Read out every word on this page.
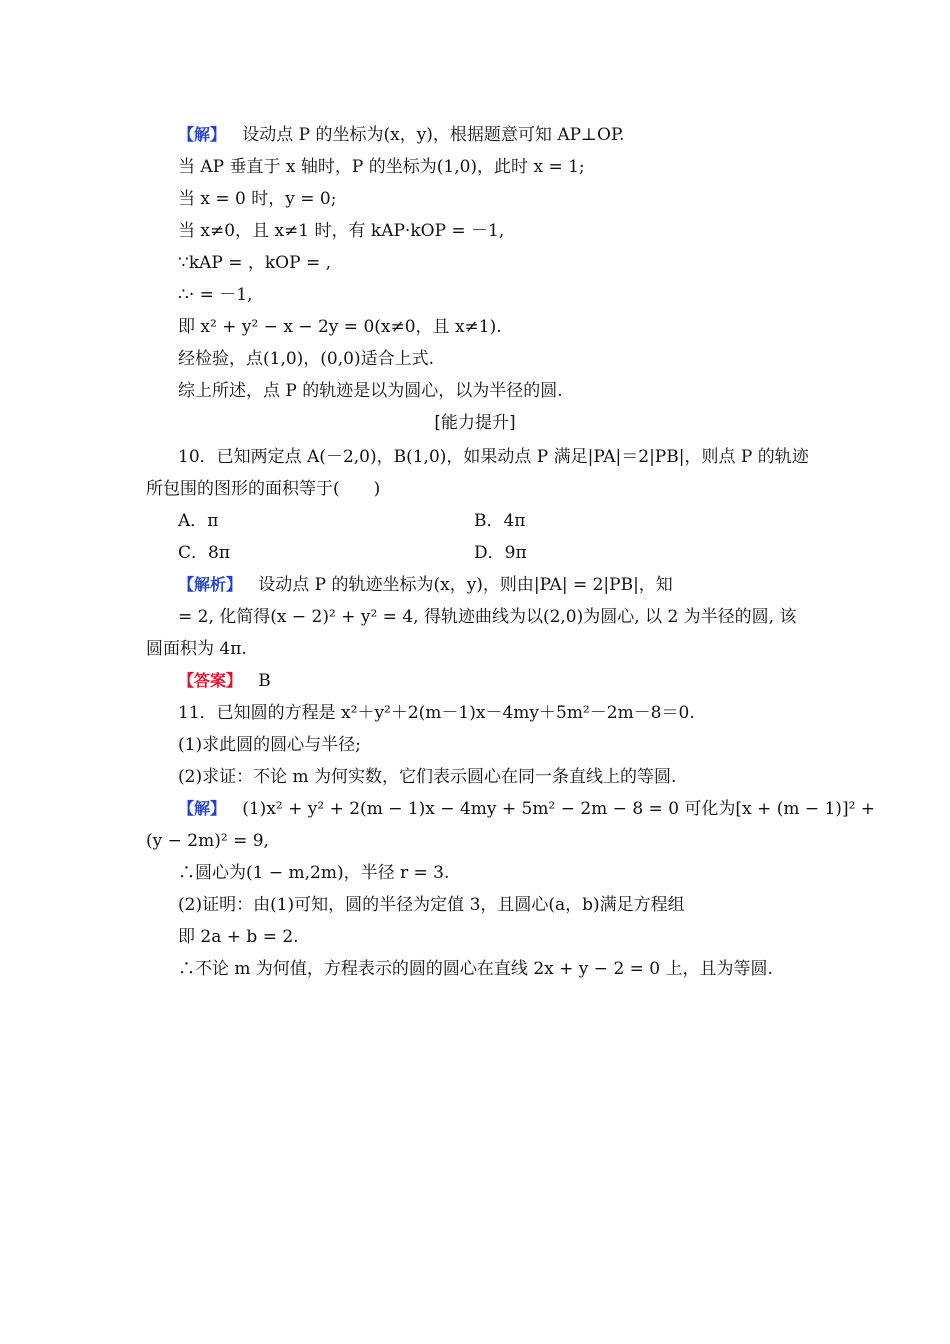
【解】 设动点 P 的坐标为(x，y)，根据题意可知 AP⊥OP.
当 AP 垂直于 x 轴时，P 的坐标为(1,0)，此时 x = 1;
当 x = 0 时，y = 0;
当 x≠0，且 x≠1 时，有 kAP·kOP = －1,
∵kAP = ，kOP = ,
∴· = －1,
即 x² + y² − x − 2y = 0(x≠0，且 x≠1).
经检验，点(1,0)，(0,0)适合上式.
综上所述，点 P 的轨迹是以为圆心，以为半径的圆.
[能力提升]
10．已知两定点 A(－2,0)，B(1,0)，如果动点 P 满足|PA|＝2|PB|，则点 P 的轨迹
所包围的图形的面积等于(　　)
A．π	B．4π
C．8π	D．9π
【解析】 设动点 P 的轨迹坐标为(x，y)，则由|PA| = 2|PB|，知
= 2, 化简得(x − 2)² + y² = 4, 得轨迹曲线为以(2,0)为圆心, 以 2 为半径的圆, 该
圆面积为 4π.
【答案】 B
11．已知圆的方程是 x²＋y²＋2(m－1)x－4my＋5m²－2m－8＝0.
(1)求此圆的圆心与半径;
(2)求证：不论 m 为何实数，它们表示圆心在同一条直线上的等圆.
【解】 (1)x² + y² + 2(m − 1)x − 4my + 5m² − 2m − 8 = 0 可化为[x + (m − 1)]² +
(y − 2m)² = 9,
∴圆心为(1 − m,2m)，半径 r = 3.
(2)证明：由(1)可知，圆的半径为定值 3，且圆心(a，b)满足方程组
即 2a + b = 2.
∴不论 m 为何值，方程表示的圆的圆心在直线 2x + y − 2 = 0 上，且为等圆.
